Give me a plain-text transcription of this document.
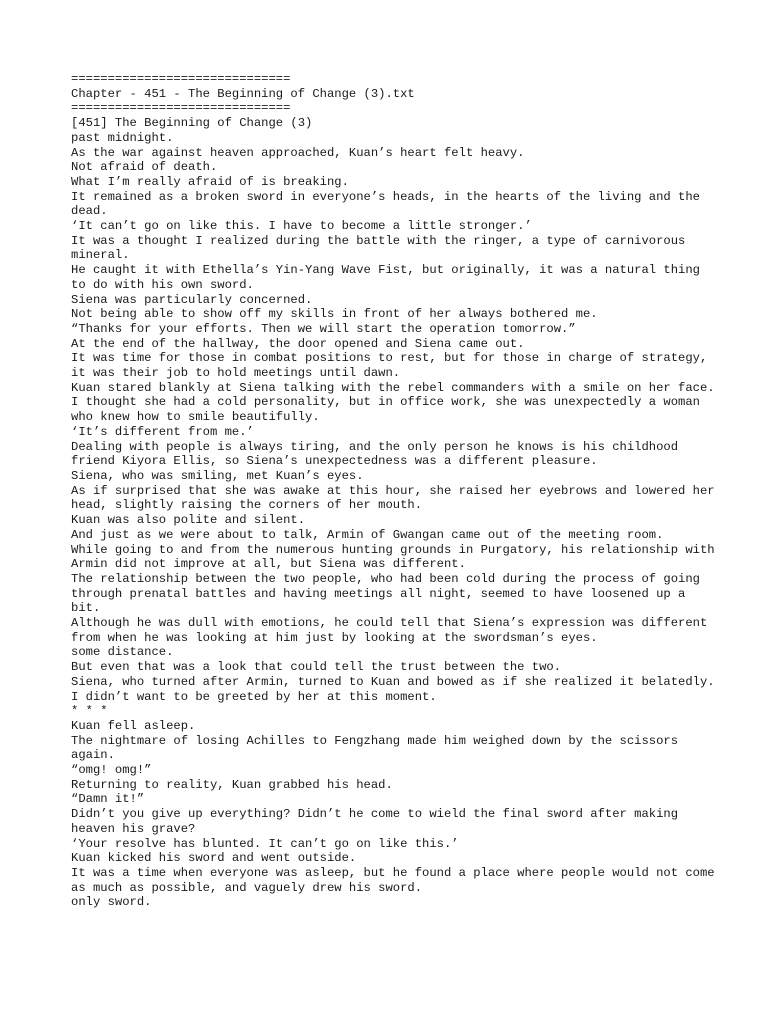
==============================
Chapter - 451 - The Beginning of Change (3).txt
==============================
[451] The Beginning of Change (3)
past midnight.
As the war against heaven approached, Kuan’s heart felt heavy.
Not afraid of death.
What I’m really afraid of is breaking.
It remained as a broken sword in everyone’s heads, in the hearts of the living and the dead.
‘It can’t go on like this. I have to become a little stronger.’
It was a thought I realized during the battle with the ringer, a type of carnivorous mineral.
He caught it with Ethella’s Yin-Yang Wave Fist, but originally, it was a natural thing to do with his own sword.
Siena was particularly concerned.
Not being able to show off my skills in front of her always bothered me.
“Thanks for your efforts. Then we will start the operation tomorrow.”
At the end of the hallway, the door opened and Siena came out.
It was time for those in combat positions to rest, but for those in charge of strategy, it was their job to hold meetings until dawn.
Kuan stared blankly at Siena talking with the rebel commanders with a smile on her face.
I thought she had a cold personality, but in office work, she was unexpectedly a woman who knew how to smile beautifully.
‘It’s different from me.’
Dealing with people is always tiring, and the only person he knows is his childhood friend Kiyora Ellis, so Siena’s unexpectedness was a different pleasure.
Siena, who was smiling, met Kuan’s eyes.
As if surprised that she was awake at this hour, she raised her eyebrows and lowered her head, slightly raising the corners of her mouth.
Kuan was also polite and silent.
And just as we were about to talk, Armin of Gwangan came out of the meeting room.
While going to and from the numerous hunting grounds in Purgatory, his relationship with Armin did not improve at all, but Siena was different.
The relationship between the two people, who had been cold during the process of going through prenatal battles and having meetings all night, seemed to have loosened up a bit.
Although he was dull with emotions, he could tell that Siena’s expression was different from when he was looking at him just by looking at the swordsman’s eyes.
some distance.
But even that was a look that could tell the trust between the two.
Siena, who turned after Armin, turned to Kuan and bowed as if she realized it belatedly.
I didn’t want to be greeted by her at this moment.
* * *
Kuan fell asleep.
The nightmare of losing Achilles to Fengzhang made him weighed down by the scissors again.
“omg! omg!”
Returning to reality, Kuan grabbed his head.
“Damn it!”
Didn’t you give up everything? Didn’t he come to wield the final sword after making heaven his grave?
‘Your resolve has blunted. It can’t go on like this.’
Kuan kicked his sword and went outside.
It was a time when everyone was asleep, but he found a place where people would not come as much as possible, and vaguely drew his sword.
only sword.
